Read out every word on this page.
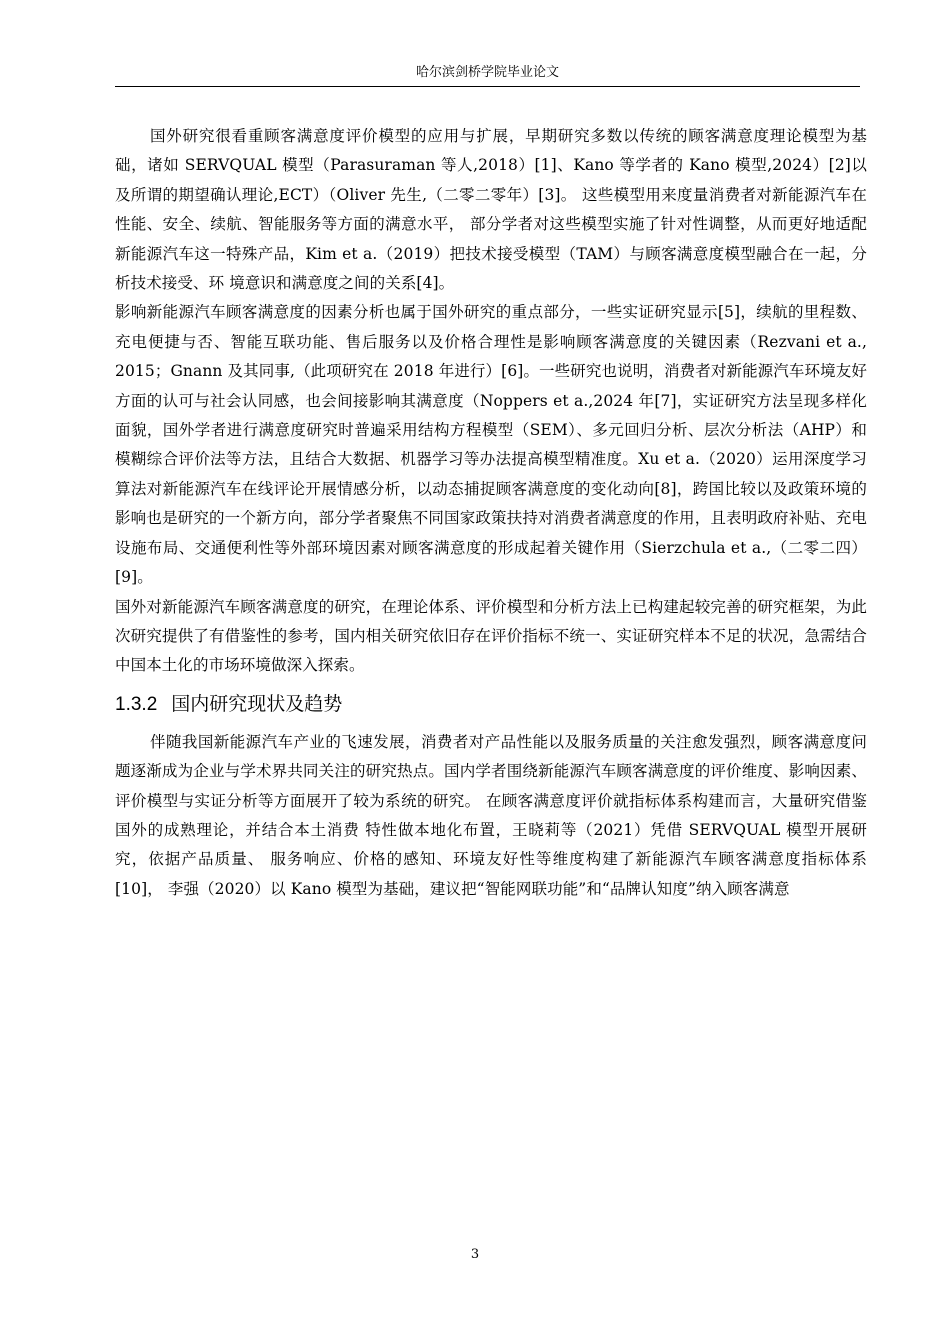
哈尔滨剑桥学院毕业论文

国外研究很看重顾客满意度评价模型的应用与扩展，早期研究多数以传统的顾客满意度理论模型为基础，诸如 SERVQUAL 模型（Parasuraman 等人,2018）[1]、Kano 等学者的 Kano 模型,2024）[2]以及所谓的期望确认理论,ECT）（Oliver 先生,（二零二零年）[3]。 这些模型用来度量消费者对新能源汽车在性能、安全、续航、智能服务等方面的满意水平， 部分学者对这些模型实施了针对性调整，从而更好地适配新能源汽车这一特殊产品，Kim et a.（2019）把技术接受模型（TAM）与顾客满意度模型融合在一起，分析技术接受、环 境意识和满意度之间的关系[4]。

影响新能源汽车顾客满意度的因素分析也属于国外研究的重点部分，一些实证研究显示[5]，续航的里程数、充电便捷与否、智能互联功能、售后服务以及价格合理性是影响顾客满意度的关键因素（Rezvani et a., 2015；Gnann 及其同事,（此项研究在 2018 年进行）[6]。一些研究也说明，消费者对新能源汽车环境友好方面的认可与社会认同感，也会间接影响其满意度（Noppers et a.,2024 年[7]，实证研究方法呈现多样化面貌，国外学者进行满意度研究时普遍采用结构方程模型（SEM）、多元回归分析、层次分析法（AHP）和模糊综合评价法等方法，且结合大数据、机器学习等办法提高模型精准度。Xu et a.（2020）运用深度学习算法对新能源汽车在线评论开展情感分析，以动态捕捉顾客满意度的变化动向[8]，跨国比较以及政策环境的影响也是研究的一个新方向，部分学者聚焦不同国家政策扶持对消费者满意度的作用，且表明政府补贴、充电设施布局、交通便利性等外部环境因素对顾客满意度的形成起着关键作用（Sierzchula et a.,（二零二四）[9]。

国外对新能源汽车顾客满意度的研究，在理论体系、评价模型和分析方法上已构建起较完善的研究框架，为此次研究提供了有借鉴性的参考，国内相关研究依旧存在评价指标不统一、实证研究样本不足的状况，急需结合中国本土化的市场环境做深入探索。

1.3.2 国内研究现状及趋势

伴随我国新能源汽车产业的飞速发展，消费者对产品性能以及服务质量的关注愈发强烈，顾客满意度问题逐渐成为企业与学术界共同关注的研究热点。国内学者围绕新能源汽车顾客满意度的评价维度、影响因素、评价模型与实证分析等方面展开了较为系统的研究。 在顾客满意度评价就指标体系构建而言，大量研究借鉴国外的成熟理论，并结合本土消费 特性做本地化布置，王晓莉等（2021）凭借 SERVQUAL 模型开展研究，依据产品质量、 服务响应、价格的感知、环境友好性等维度构建了新能源汽车顾客满意度指标体系[10]， 李强（2020）以 Kano 模型为基础，建议把“智能网联功能”和“品牌认知度”纳入顾客满意

3
